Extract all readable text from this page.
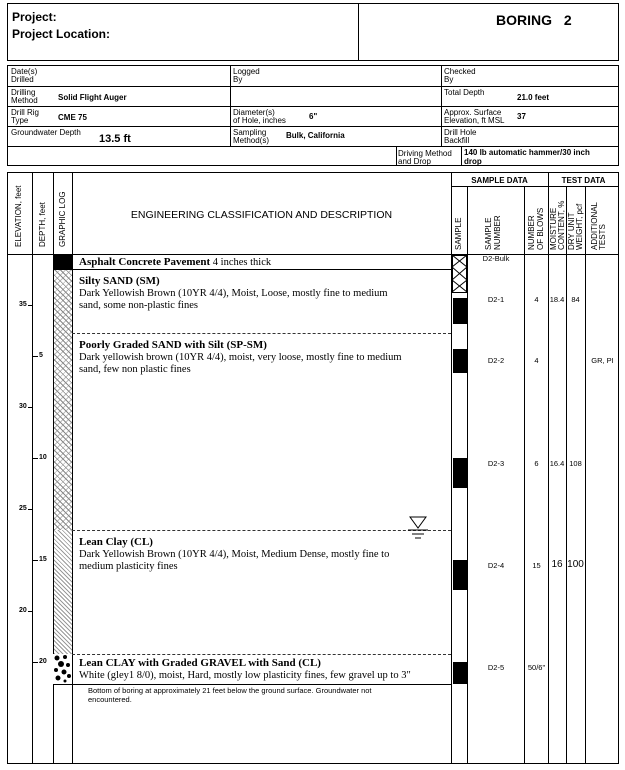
Project:
Project Location:
BORING 2
Date(s)
Drilled
Logged
By
Checked
By
Drilling
Method	Solid Flight Auger
Total Depth
21.0 feet
Drill Rig
Type	CME 75
Diameter(s)
of Hole, inches	6"	Approx. Surface
Elevation, ft MSL 37
Groundwater Depth
13.5 ft
Sampling
Method(s)
Bulk, California	Drill Hole
Backfill
Driving Method
and Drop
140 lb automatic hammer/30 inch
drop
ELEVATION, feet DEPTH, feet GRAPHIC LOG	ENGINEERING CLASSIFICATION AND DESCRIPTION
SAMPLE DATA	TEST DATA
SAMPLE	SAMPLE
NUMBER	NUMBER
OF BLOWS MOISTURE
CONTENT, % DRY UNIT
WEIGHT, pcf ADDITIONAL
TESTS
35
30
25
20
5
10
15
20
Asphalt Concrete Pavement 4 inches thick
Silty SAND (SM)
Dark Yellowish Brown (10YR 4/4), Moist, Loose, mostly fine to medium
sand, some non-plastic fines
Poorly Graded SAND with Silt (SP-SM)
Dark yellowish brown (10YR 4/4), moist, very loose, mostly fine to medium
sand, few non plastic fines
Lean Clay (CL)
Dark Yellowish Brown (10YR 4/4), Moist, Medium Dense, mostly fine to
medium plasticity fines
Lean CLAY with Graded GRAVEL with Sand (CL)
White (gley1 8/0), moist, Hard, mostly low plasticity fines, few gravel up to 3"
Bottom of boring at approximately 21 feet below the ground surface. Groundwater not
encountered.
D2-Bulk
D2-1	4	18.4 84
D2-2	4	GR, PI
D2-3	6	16.4 108
D2-4	15	16 100
D2-5	50/6"
